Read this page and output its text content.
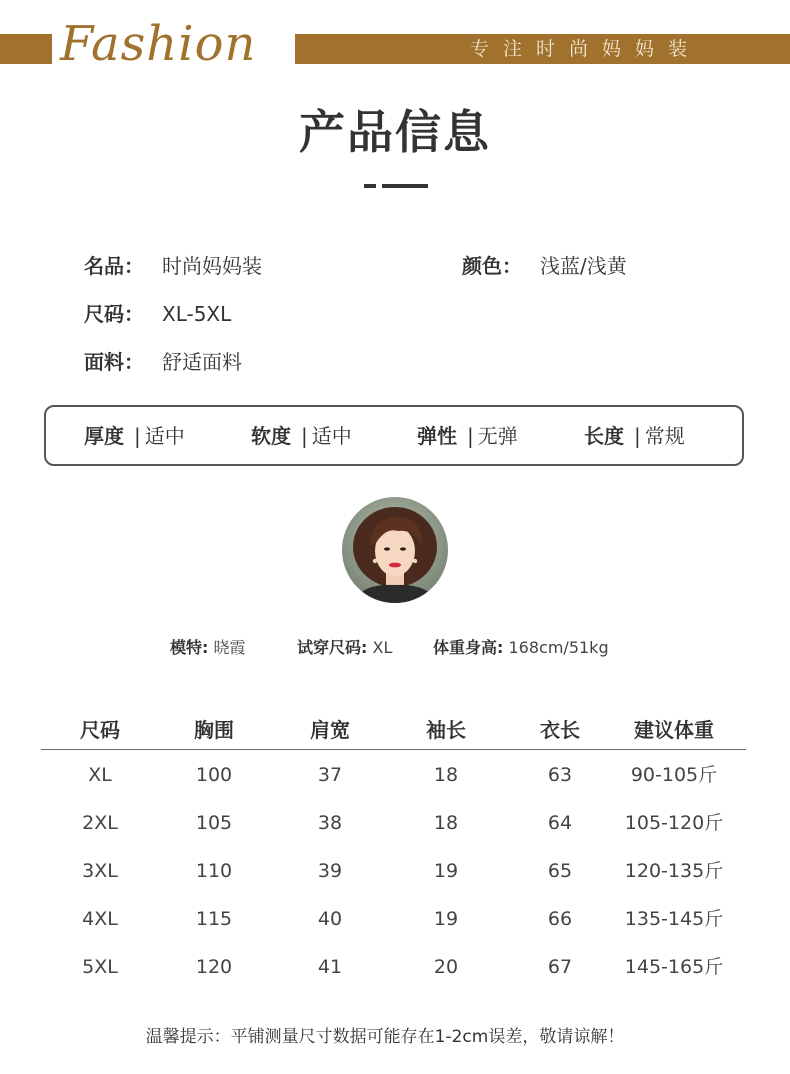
Fashion	专注时尚妈妈装
产品信息
名品： 时尚妈妈装	颜色： 浅蓝/浅黄
尺码： XL-5XL
面料： 舒适面料
厚度 | 适中	软度 | 适中	弹性 | 无弹	长度 | 常规
模特: 晓霞	试穿尺码: XL	体重身高: 168cm/51kg
尺码	胸围	肩宽	袖长	衣长	建议体重
XL	100	37	18	63	90-105斤
2XL	105	38	18	64	105-120斤
3XL	110	39	19	65	120-135斤
4XL	115	40	19	66	135-145斤
5XL	120	41	20	67	145-165斤
温馨提示：平铺测量尺寸数据可能存在1-2cm误差，敬请谅解！
